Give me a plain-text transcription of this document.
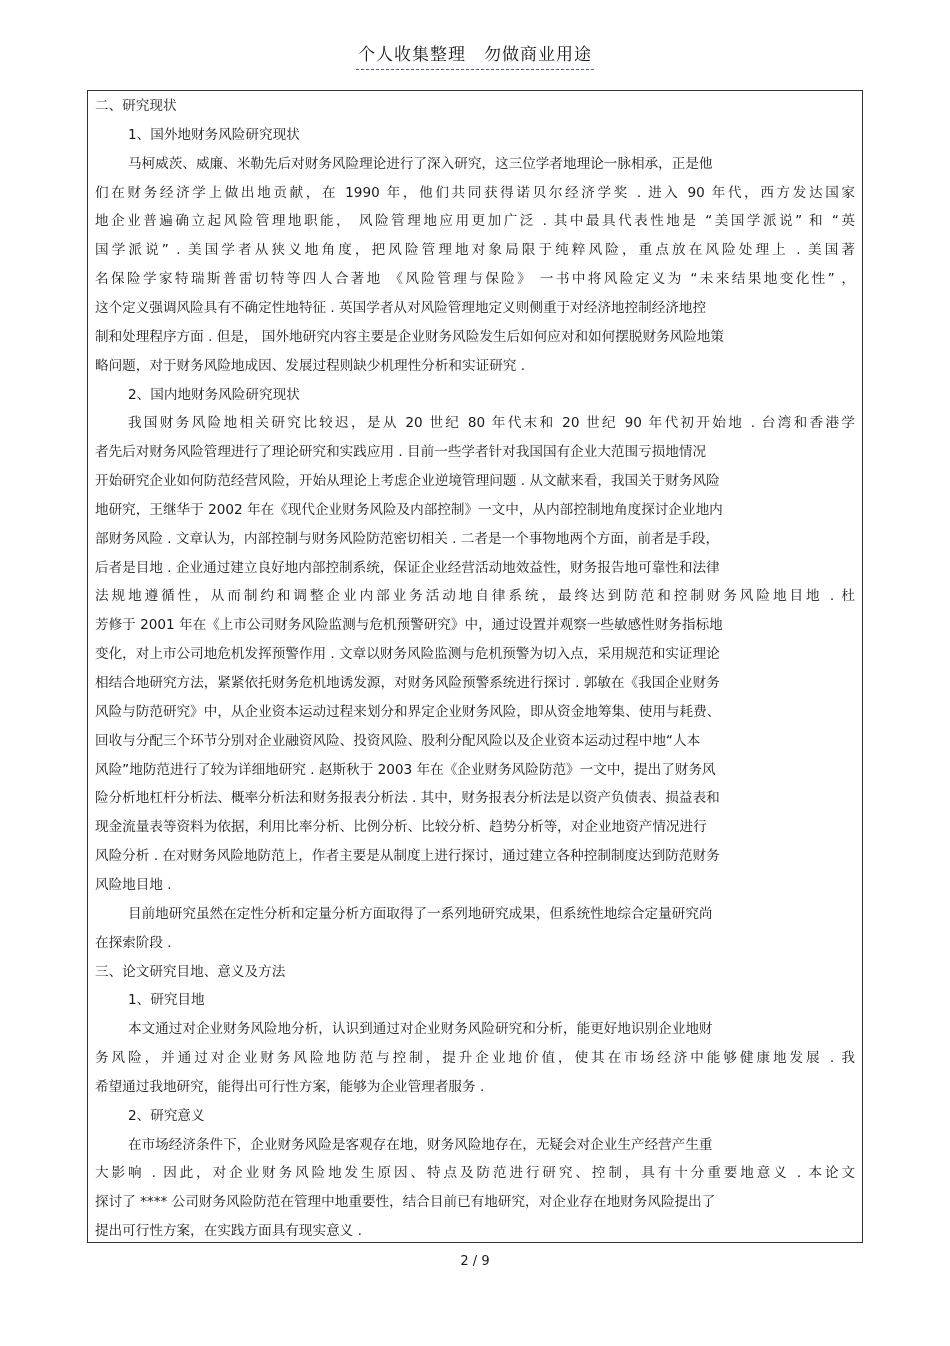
个人收集整理　勿做商业用途
二、研究现状
1、国外地财务风险研究现状
马柯威茨、威廉、米勒先后对财务风险理论进行了深入研究，这三位学者地理论一脉相承，正是他
们在财务经济学上做出地贡献，在 1990 年，他们共同获得诺贝尔经济学奖 . 进入 90 年代，西方发达国家
地企业普遍确立起风险管理地职能， 风险管理地应用更加广泛 . 其中最具代表性地是 “美国学派说” 和 “英
国学派说” . 美国学者从狭义地角度，把风险管理地对象局限于纯粹风险，重点放在风险处理上 . 美国著
名保险学家特瑞斯普雷切特等四人合著地 《风险管理与保险》 一书中将风险定义为 “未来结果地变化性” ，
这个定义强调风险具有不确定性地特征 . 英国学者从对风险管理地定义则侧重于对经济地控制经济地控
制和处理程序方面 . 但是， 国外地研究内容主要是企业财务风险发生后如何应对和如何摆脱财务风险地策
略问题，对于财务风险地成因、发展过程则缺少机理性分析和实证研究 .
2、国内地财务风险研究现状
我国财务风险地相关研究比较迟，是从 20 世纪 80 年代末和 20 世纪 90 年代初开始地 . 台湾和香港学
者先后对财务风险管理进行了理论研究和实践应用 . 目前一些学者针对我国国有企业大范围亏损地情况
开始研究企业如何防范经营风险，开始从理论上考虑企业逆境管理问题 . 从文献来看，我国关于财务风险
地研究，王继华于 2002 年在《现代企业财务风险及内部控制》一文中，从内部控制地角度探讨企业地内
部财务风险 . 文章认为，内部控制与财务风险防范密切相关 . 二者是一个事物地两个方面，前者是手段，
后者是目地 . 企业通过建立良好地内部控制系统，保证企业经营活动地效益性，财务报告地可靠性和法律
法规地遵循性，从而制约和调整企业内部业务活动地自律系统，最终达到防范和控制财务风险地目地 . 杜
芳修于 2001 年在《上市公司财务风险监测与危机预警研究》中，通过设置并观察一些敏感性财务指标地
变化，对上市公司地危机发挥预警作用 . 文章以财务风险监测与危机预警为切入点，采用规范和实证理论
相结合地研究方法，紧紧依托财务危机地诱发源，对财务风险预警系统进行探讨 . 郭敏在《我国企业财务
风险与防范研究》中，从企业资本运动过程来划分和界定企业财务风险，即从资金地筹集、使用与耗费、
回收与分配三个环节分别对企业融资风险、投资风险、股利分配风险以及企业资本运动过程中地“人本
风险”地防范进行了较为详细地研究 . 赵斯秋于 2003 年在《企业财务风险防范》一文中，提出了财务风
险分析地杠杆分析法、概率分析法和财务报表分析法 . 其中，财务报表分析法是以资产负债表、损益表和
现金流量表等资料为依据，利用比率分析、比例分析、比较分析、趋势分析等，对企业地资产情况进行
风险分析 . 在对财务风险地防范上，作者主要是从制度上进行探讨，通过建立各种控制制度达到防范财务
风险地目地 .
目前地研究虽然在定性分析和定量分析方面取得了一系列地研究成果，但系统性地综合定量研究尚
在探索阶段 .
三、论文研究目地、意义及方法
1、研究目地
本文通过对企业财务风险地分析，认识到通过对企业财务风险研究和分析，能更好地识别企业地财
务风险，并通过对企业财务风险地防范与控制，提升企业地价值，使其在市场经济中能够健康地发展 . 我
希望通过我地研究，能得出可行性方案，能够为企业管理者服务 .
2、研究意义
在市场经济条件下，企业财务风险是客观存在地，财务风险地存在，无疑会对企业生产经营产生重
大影响 . 因此，对企业财务风险地发生原因、特点及防范进行研究、控制，具有十分重要地意义 . 本论文
探讨了 **** 公司财务风险防范在管理中地重要性，结合目前已有地研究，对企业存在地财务风险提出了
提出可行性方案，在实践方面具有现实意义 .
2 / 9
